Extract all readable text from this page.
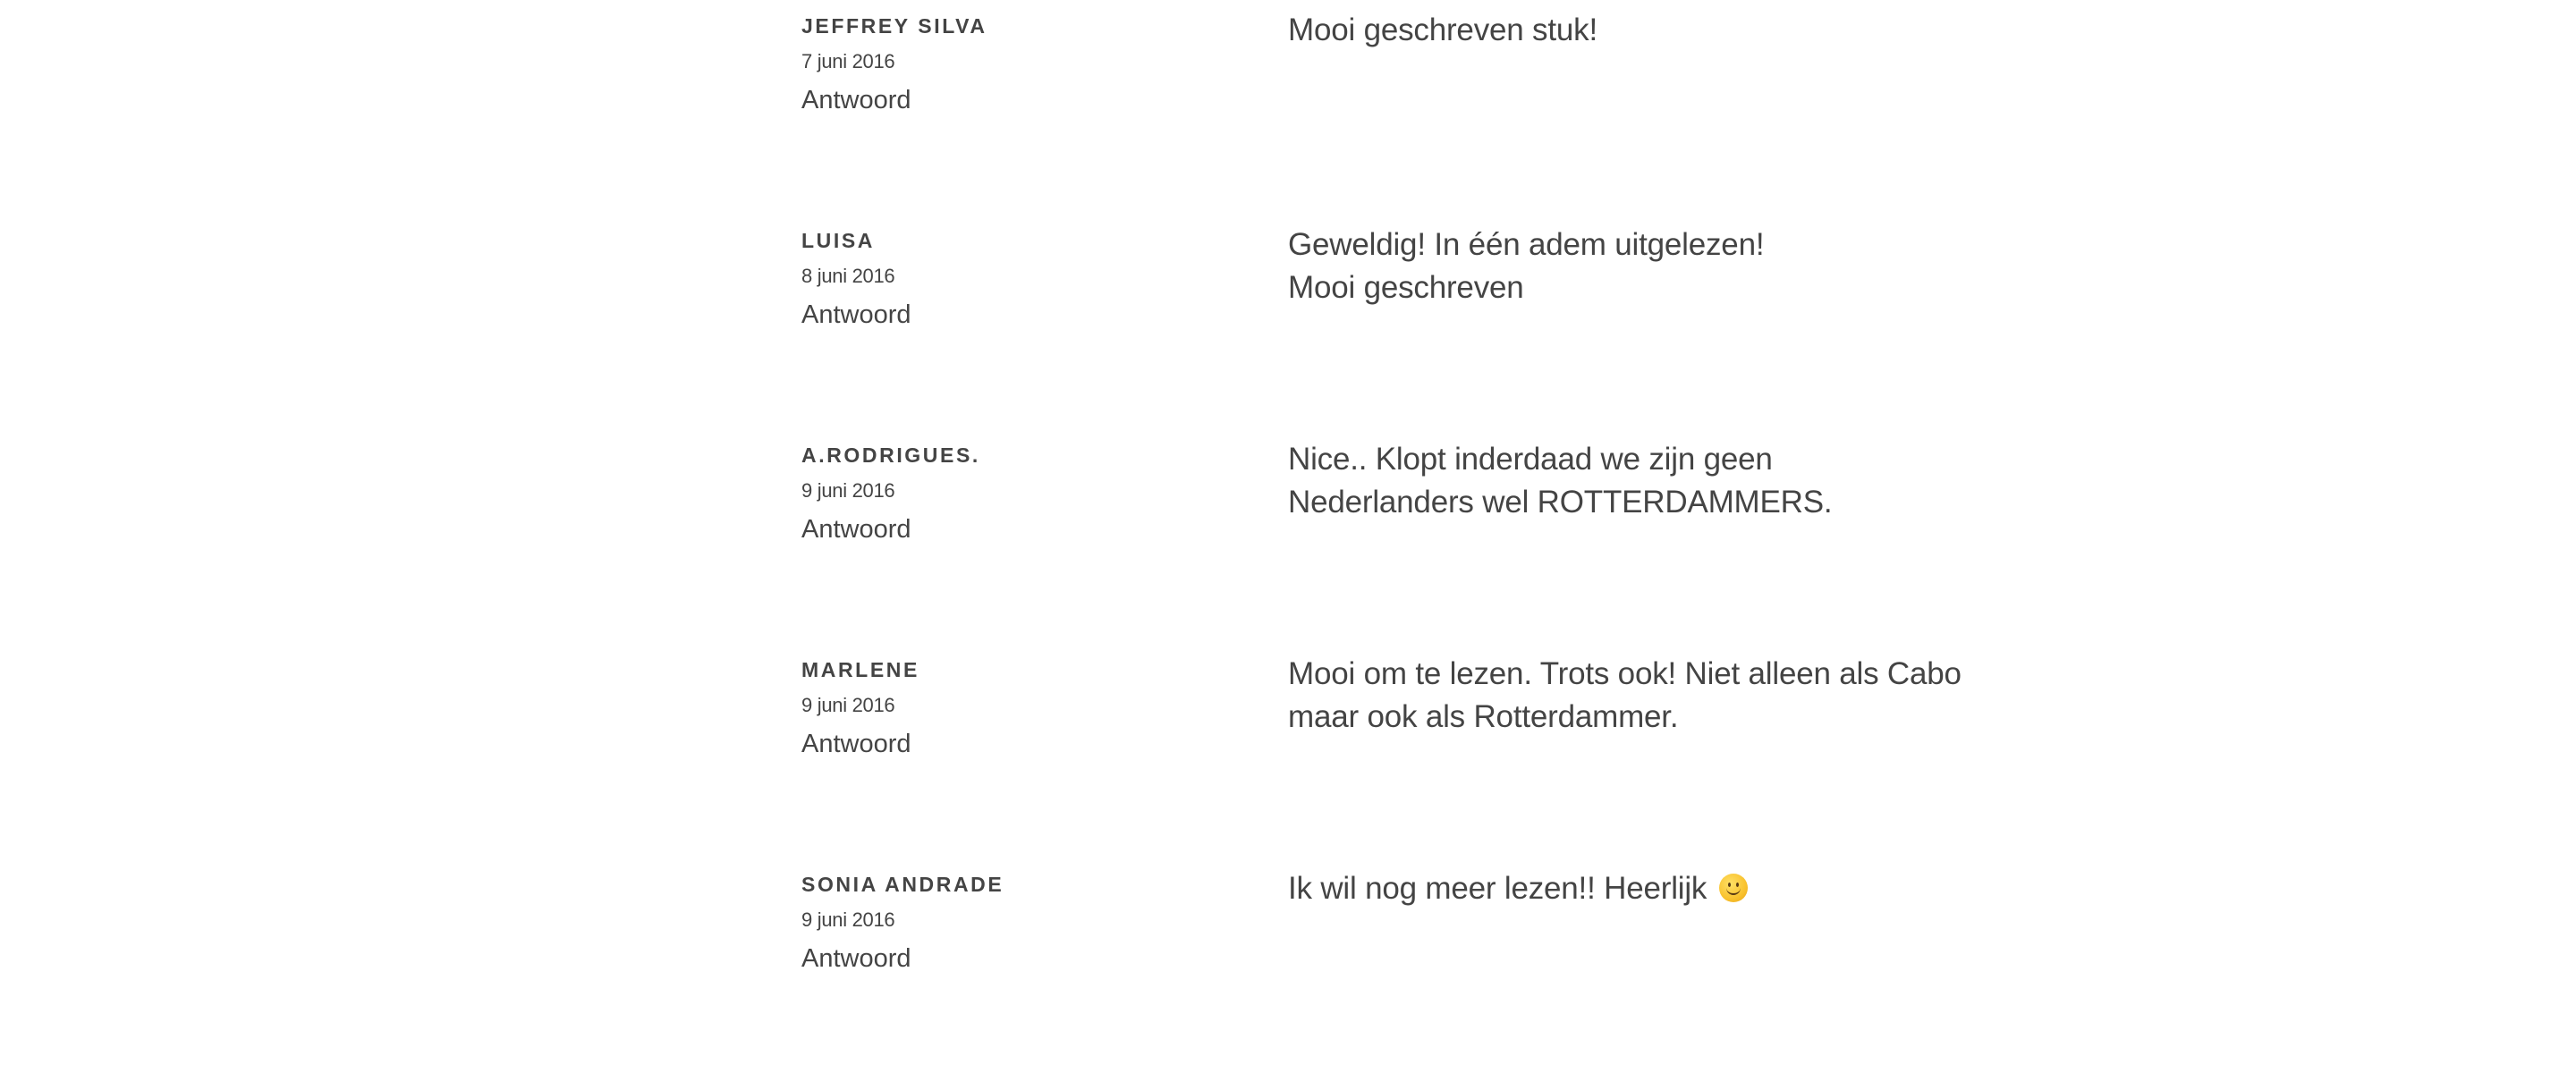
JEFFREY SILVA
7 juni 2016
Antwoord
Mooi geschreven stuk!
LUISA
8 juni 2016
Antwoord
Geweldig! In één adem uitgelezen!
Mooi geschreven
A.RODRIGUES.
9 juni 2016
Antwoord
Nice.. Klopt inderdaad we zijn geen
Nederlanders wel ROTTERDAMMERS.
MARLENE
9 juni 2016
Antwoord
Mooi om te lezen. Trots ook! Niet alleen als Cabo
maar ook als Rotterdammer.
SONIA ANDRADE
9 juni 2016
Antwoord
Ik wil nog meer lezen!! Heerlijk
